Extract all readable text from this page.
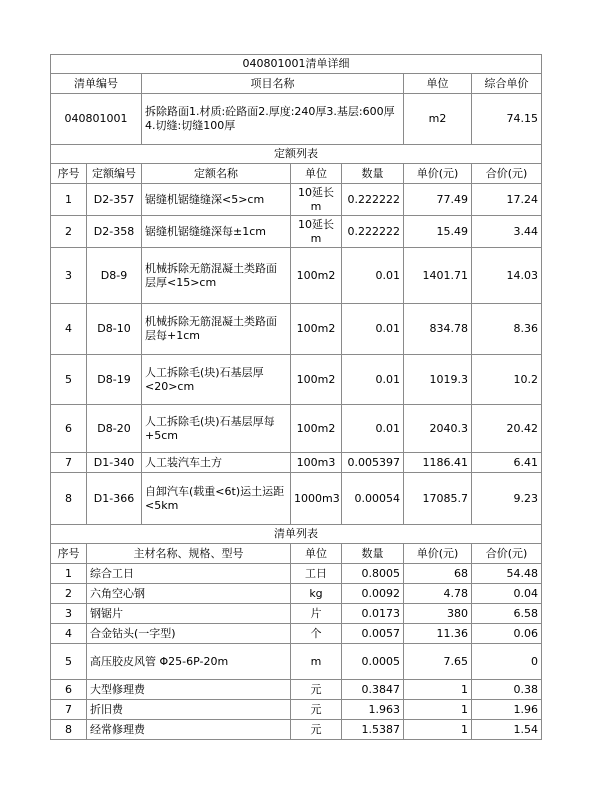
040801001清单详细						
清单编号		项目名称			单位	综合单价
040801001		拆除路面1.材质:砼路面2.厚度:240厚3.基层:600厚4.切缝:切缝100厚			m2	74.15
定额列表						
序号	定额编号	定额名称	单位	数量	单价(元)	合价(元)
1	D2-357	锯缝机锯缝缝深<5>cm	10延长m	0.222222	77.49	17.24
2	D2-358	锯缝机锯缝缝深每±1cm	10延长m	0.222222	15.49	3.44
3	D8-9	机械拆除无筋混凝土类路面层厚<15>cm	100m2	0.01	1401.71	14.03
4	D8-10	机械拆除无筋混凝土类路面层每+1cm	100m2	0.01	834.78	8.36
5	D8-19	人工拆除毛(块)石基层厚<20>cm	100m2	0.01	1019.3	10.2
6	D8-20	人工拆除毛(块)石基层厚每+5cm	100m2	0.01	2040.3	20.42
7	D1-340	人工装汽车土方	100m3	0.005397	1186.41	6.41
8	D1-366	自卸汽车(载重<6t)运土运距<5km	1000m3	0.00054	17085.7	9.23
清单列表						
序号	主材名称、规格、型号		单位	数量	单价(元)	合价(元)
1	综合工日		工日	0.8005	68	54.48
2	六角空心钢		kg	0.0092	4.78	0.04
3	钢锯片		片	0.0173	380	6.58
4	合金钻头(一字型)		个	0.0057	11.36	0.06
5	高压胶皮风管 Φ25-6P-20m		m	0.0005	7.65	0
6	大型修理费		元	0.3847	1	0.38
7	折旧费		元	1.963	1	1.96
8	经常修理费		元	1.5387	1	1.54
